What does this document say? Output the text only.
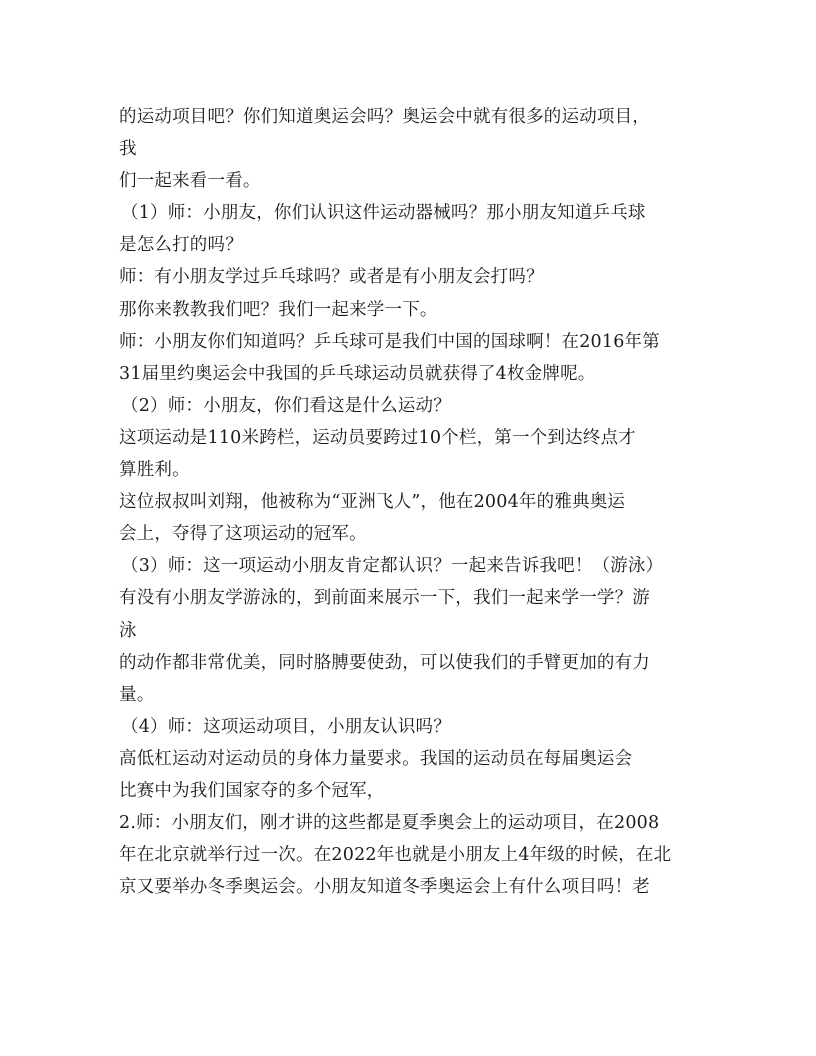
的运动项目吧？你们知道奥运会吗？奥运会中就有很多的运动项目，
我
们一起来看一看。
（1）师：小朋友，你们认识这件运动器械吗？那小朋友知道乒乓球
是怎么打的吗？
师：有小朋友学过乒乓球吗？或者是有小朋友会打吗？
那你来教教我们吧？我们一起来学一下。
师：小朋友你们知道吗？乒乓球可是我们中国的国球啊！在2016年第
31届里约奥运会中我国的乒乓球运动员就获得了4枚金牌呢。
（2）师：小朋友，你们看这是什么运动？
这项运动是110米跨栏，运动员要跨过10个栏，第一个到达终点才
算胜利。
这位叔叔叫刘翔，他被称为“亚洲飞人”，他在2004年的雅典奥运
会上，夺得了这项运动的冠军。
（3）师：这一项运动小朋友肯定都认识？一起来告诉我吧！（游泳）
有没有小朋友学游泳的，到前面来展示一下，我们一起来学一学？游
泳
的动作都非常优美，同时胳膊要使劲，可以使我们的手臂更加的有力
量。
（4）师：这项运动项目，小朋友认识吗？
高低杠运动对运动员的身体力量要求。我国的运动员在每届奥运会
比赛中为我们国家夺的多个冠军，
2.师：小朋友们，刚才讲的这些都是夏季奥会上的运动项目，在2008
年在北京就举行过一次。在2022年也就是小朋友上4年级的时候，在北
京又要举办冬季奥运会。小朋友知道冬季奥运会上有什么项目吗！老
